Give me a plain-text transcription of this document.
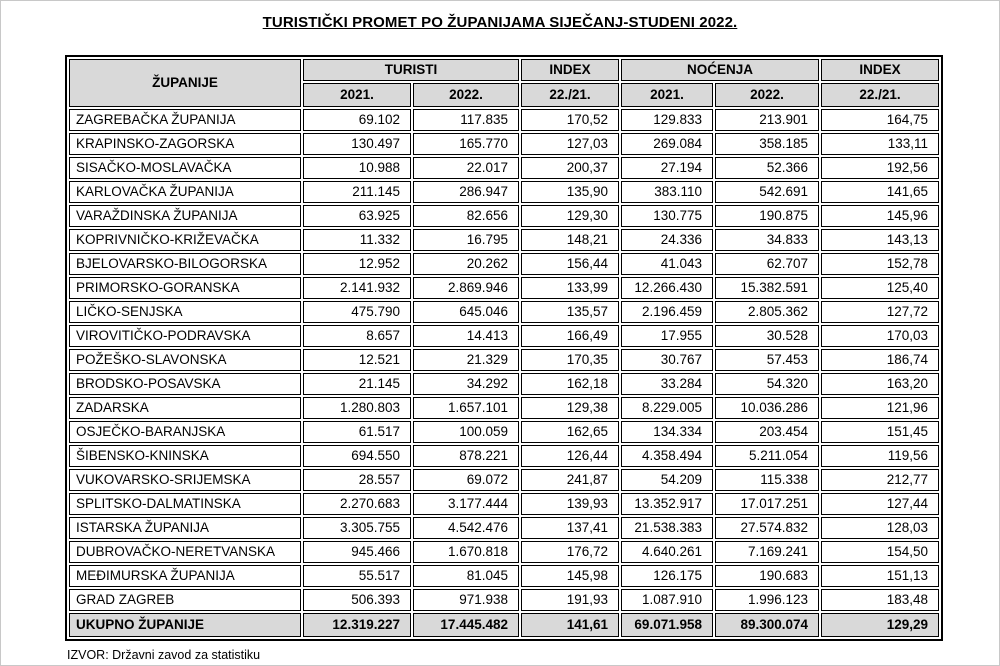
TURISTIČKI PROMET PO ŽUPANIJAMA SIJEČANJ-STUDENI 2022.
ŽUPANIJE	TURISTI		INDEX	NOĆENJA		INDEX
	2021.	2022.	22./21.	2021.	2022.	22./21.
ZAGREBAČKA ŽUPANIJA	69.102	117.835	170,52	129.833	213.901	164,75
KRAPINSKO-ZAGORSKA	130.497	165.770	127,03	269.084	358.185	133,11
SISAČKO-MOSLAVAČKA	10.988	22.017	200,37	27.194	52.366	192,56
KARLOVAČKA ŽUPANIJA	211.145	286.947	135,90	383.110	542.691	141,65
VARAŽDINSKA ŽUPANIJA	63.925	82.656	129,30	130.775	190.875	145,96
KOPRIVNIČKO-KRIŽEVAČKA	11.332	16.795	148,21	24.336	34.833	143,13
BJELOVARSKO-BILOGORSKA	12.952	20.262	156,44	41.043	62.707	152,78
PRIMORSKO-GORANSKA	2.141.932	2.869.946	133,99	12.266.430	15.382.591	125,40
LIČKO-SENJSKA	475.790	645.046	135,57	2.196.459	2.805.362	127,72
VIROVITIČKO-PODRAVSKA	8.657	14.413	166,49	17.955	30.528	170,03
POŽEŠKO-SLAVONSKA	12.521	21.329	170,35	30.767	57.453	186,74
BRODSKO-POSAVSKA	21.145	34.292	162,18	33.284	54.320	163,20
ZADARSKA	1.280.803	1.657.101	129,38	8.229.005	10.036.286	121,96
OSJEČKO-BARANJSKA	61.517	100.059	162,65	134.334	203.454	151,45
ŠIBENSKO-KNINSKA	694.550	878.221	126,44	4.358.494	5.211.054	119,56
VUKOVARSKO-SRIJEMSKA	28.557	69.072	241,87	54.209	115.338	212,77
SPLITSKO-DALMATINSKA	2.270.683	3.177.444	139,93	13.352.917	17.017.251	127,44
ISTARSKA ŽUPANIJA	3.305.755	4.542.476	137,41	21.538.383	27.574.832	128,03
DUBROVAČKO-NERETVANSKA	945.466	1.670.818	176,72	4.640.261	7.169.241	154,50
MEĐIMURSKA ŽUPANIJA	55.517	81.045	145,98	126.175	190.683	151,13
GRAD ZAGREB	506.393	971.938	191,93	1.087.910	1.996.123	183,48
UKUPNO ŽUPANIJE	12.319.227	17.445.482	141,61	69.071.958	89.300.074	129,29
IZVOR: Državni zavod za statistiku
